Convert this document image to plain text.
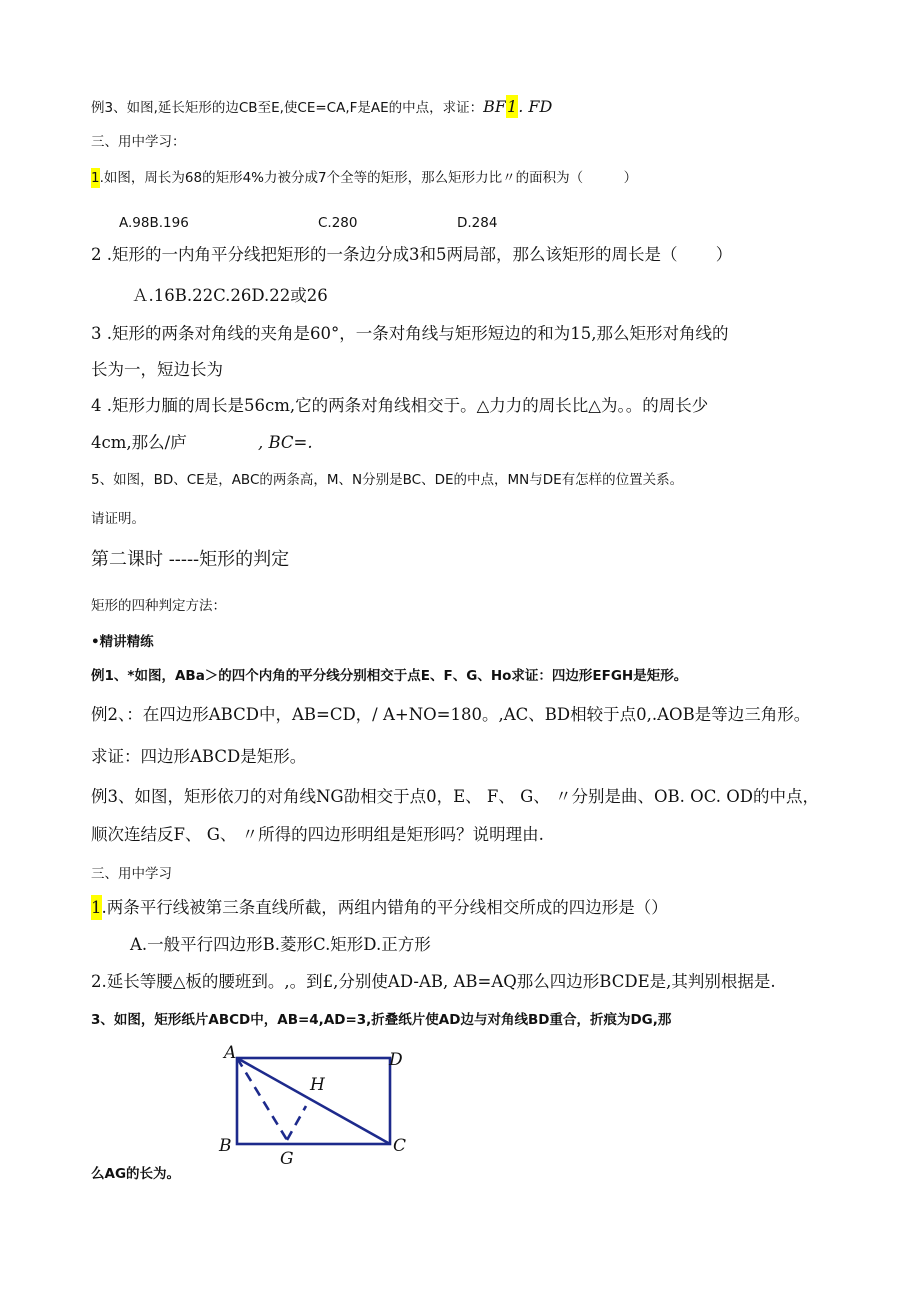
例3、如图,延长矩形的边CB至E,使CE=CA,F是AE的中点，求证：BF1. FD
三、用中学习：
1.如图，周长为68的矩形4%力被分成7个全等的矩形，那么矩形力比〃的面积为（　　　）
A.98B.196	C.280	D.284
2 .矩形的一内角平分线把矩形的一条边分成3和5两局部，那么该矩形的周长是（　　 ）
Ａ.16B.22C.26D.22或26
3 .矩形的两条对角线的夹角是60°，一条对角线与矩形短边的和为15,那么矩形对角线的
长为一，短边长为
4 .矩形力腼的周长是56cm,它的两条对角线相交于。△力力的周长比△为。。的周长少
4cm,那么/庐	, BC=.
5、如图，BD、CE是，ABC的两条高，M、N分别是BC、DE的中点，MN与DE有怎样的位置关系。
请证明。
第二课时 -----矩形的判定
矩形的四种判定方法：
•精讲精练
例1、*如图，ABa＞的四个内角的平分线分别相交于点E、F、G、Ho求证：四边形EFGH是矩形。
例2、：在四边形ABCD中，AB=CD，/ A+NO=180。,AC、BD相较于点0,.AOB是等边三角形。
求证：四边形ABCD是矩形。
例3、如图，矩形依刀的对角线NG劭相交于点0，E、 F、 G、 〃分别是曲、OB. OC. OD的中点，
顺次连结反F、 G、 〃所得的四边形明组是矩形吗？说明理由.
三、用中学习
1.两条平行线被第三条直线所截，两组内错角的平分线相交所成的四边形是（）
A.一般平行四边形B.菱形C.矩形D.正方形
2.延长等腰△板的腰班到。,。到£,分别使AD-AB, AB=AQ那么四边形BCDE是,其判别根据是.
3、如图，矩形纸片ABCD中，AB=4,AD=3,折叠纸片使AD边与对角线BD重合，折痕为DG,那
A	D
H
B	C
G
么AG的长为。
